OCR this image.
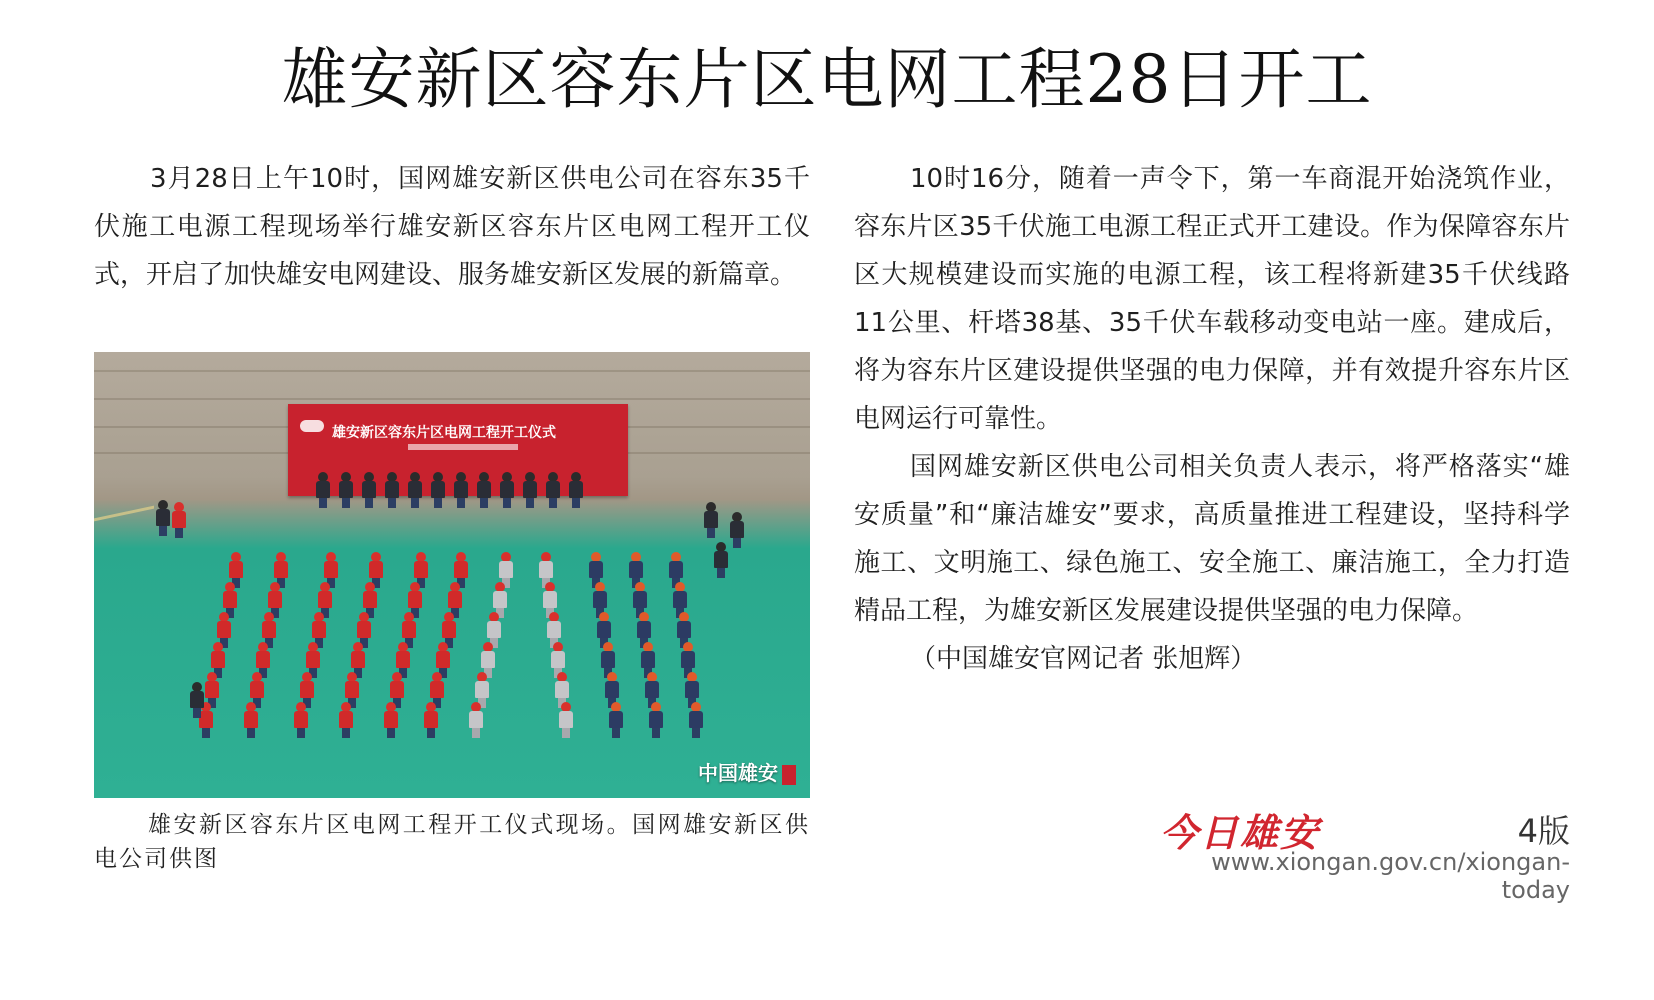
雄安新区容东片区电网工程28日开工

3月28日上午10时，国网雄安新区供电公司在容东35千伏施工电源工程现场举行雄安新区容东片区电网工程开工仪式，开启了加快雄安电网建设、服务雄安新区发展的新篇章。

雄安新区容东片区电网工程开工仪式
中国雄安

雄安新区容东片区电网工程开工仪式现场。国网雄安新区供电公司供图

10时16分，随着一声令下，第一车商混开始浇筑作业，容东片区35千伏施工电源工程正式开工建设。作为保障容东片区大规模建设而实施的电源工程，该工程将新建35千伏线路11公里、杆塔38基、35千伏车载移动变电站一座。建成后，将为容东片区建设提供坚强的电力保障，并有效提升容东片区电网运行可靠性。

国网雄安新区供电公司相关负责人表示，将严格落实“雄安质量”和“廉洁雄安”要求，高质量推进工程建设，坚持科学施工、文明施工、绿色施工、安全施工、廉洁施工，全力打造精品工程，为雄安新区发展建设提供坚强的电力保障。

（中国雄安官网记者 张旭辉）

今日雄安	4版
www.xiongan.gov.cn/xiongan-today
